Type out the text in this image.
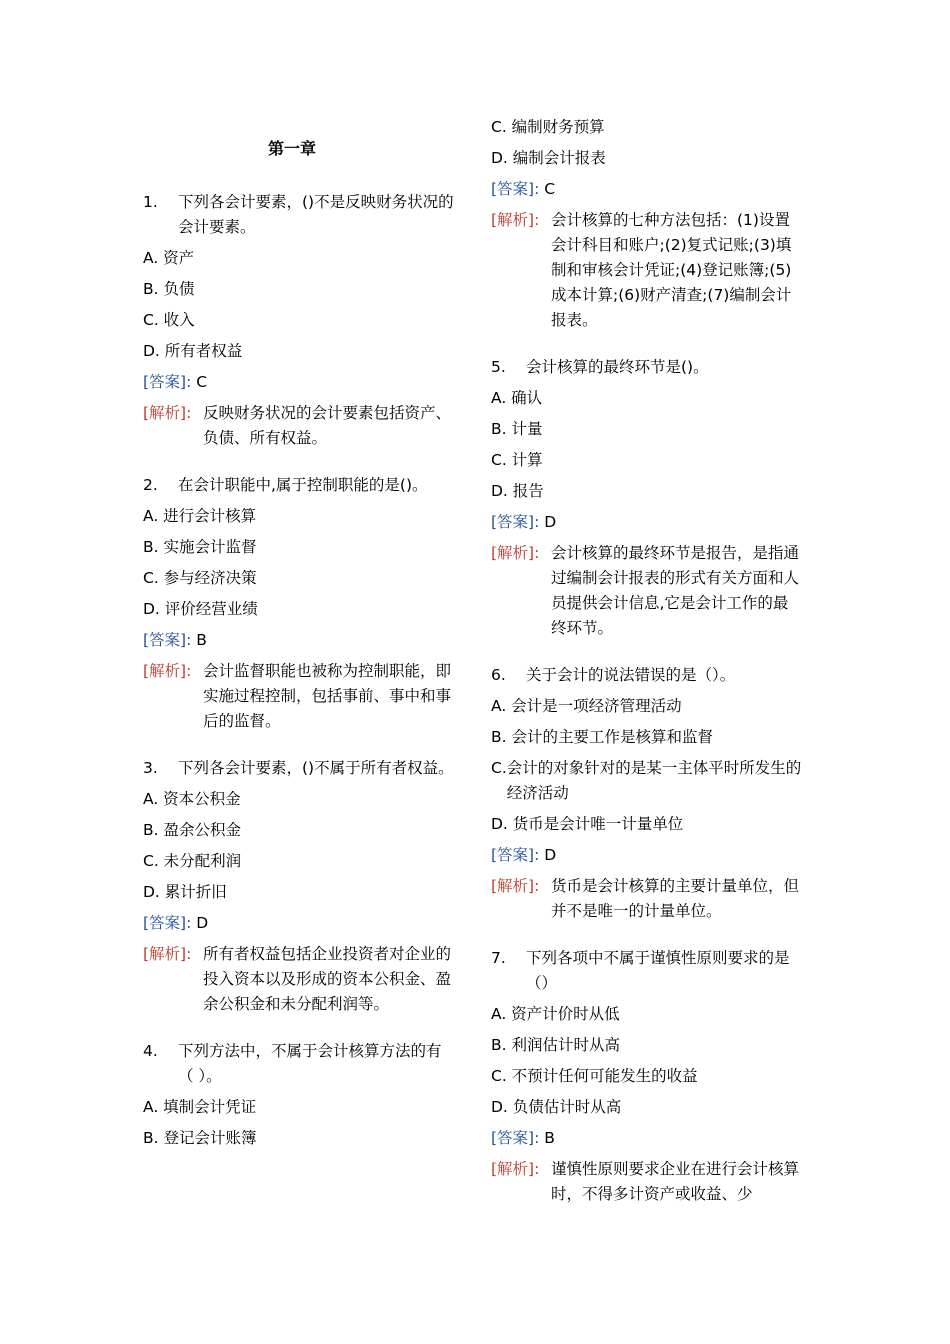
第一章
1.	下列各会计要素，()不是反映财务状况的会计要素。
A. 资产
B. 负债
C. 收入
D. 所有者权益
[答案]: C
[解析]: 反映财务状况的会计要素包括资产、负债、所有权益。
2.	在会计职能中,属于控制职能的是()。
A. 进行会计核算
B. 实施会计监督
C. 参与经济决策
D. 评价经营业绩
[答案]: B
[解析]: 会计监督职能也被称为控制职能，即实施过程控制，包括事前、事中和事后的监督。
3.	下列各会计要素，()不属于所有者权益。
A. 资本公积金
B. 盈余公积金
C. 未分配利润
D. 累计折旧
[答案]: D
[解析]: 所有者权益包括企业投资者对企业的投入资本以及形成的资本公积金、盈余公积金和未分配利润等。
4.	下列方法中，不属于会计核算方法的有（ ）。
A. 填制会计凭证
B. 登记会计账簿
C. 编制财务预算
D. 编制会计报表
[答案]: C
[解析]: 会计核算的七种方法包括：(1)设置会计科目和账户;(2)复式记账;(3)填制和审核会计凭证;(4)登记账簿;(5)成本计算;(6)财产清查;(7)编制会计报表。
5.	会计核算的最终环节是()。
A. 确认
B. 计量
C. 计算
D. 报告
[答案]: D
[解析]: 会计核算的最终环节是报告，是指通过编制会计报表的形式有关方面和人员提供会计信息,它是会计工作的最终环节。
6.	关于会计的说法错误的是（）。
A. 会计是一项经济管理活动
B. 会计的主要工作是核算和监督
C. 会计的对象针对的是某一主体平时所发生的经济活动
D. 货币是会计唯一计量单位
[答案]: D
[解析]: 货币是会计核算的主要计量单位，但并不是唯一的计量单位。
7.	下列各项中不属于谨慎性原则要求的是 （）
A. 资产计价时从低
B. 利润估计时从高
C. 不预计任何可能发生的收益
D. 负债估计时从高
[答案]: B
[解析]: 谨慎性原则要求企业在进行会计核算时，不得多计资产或收益、少
